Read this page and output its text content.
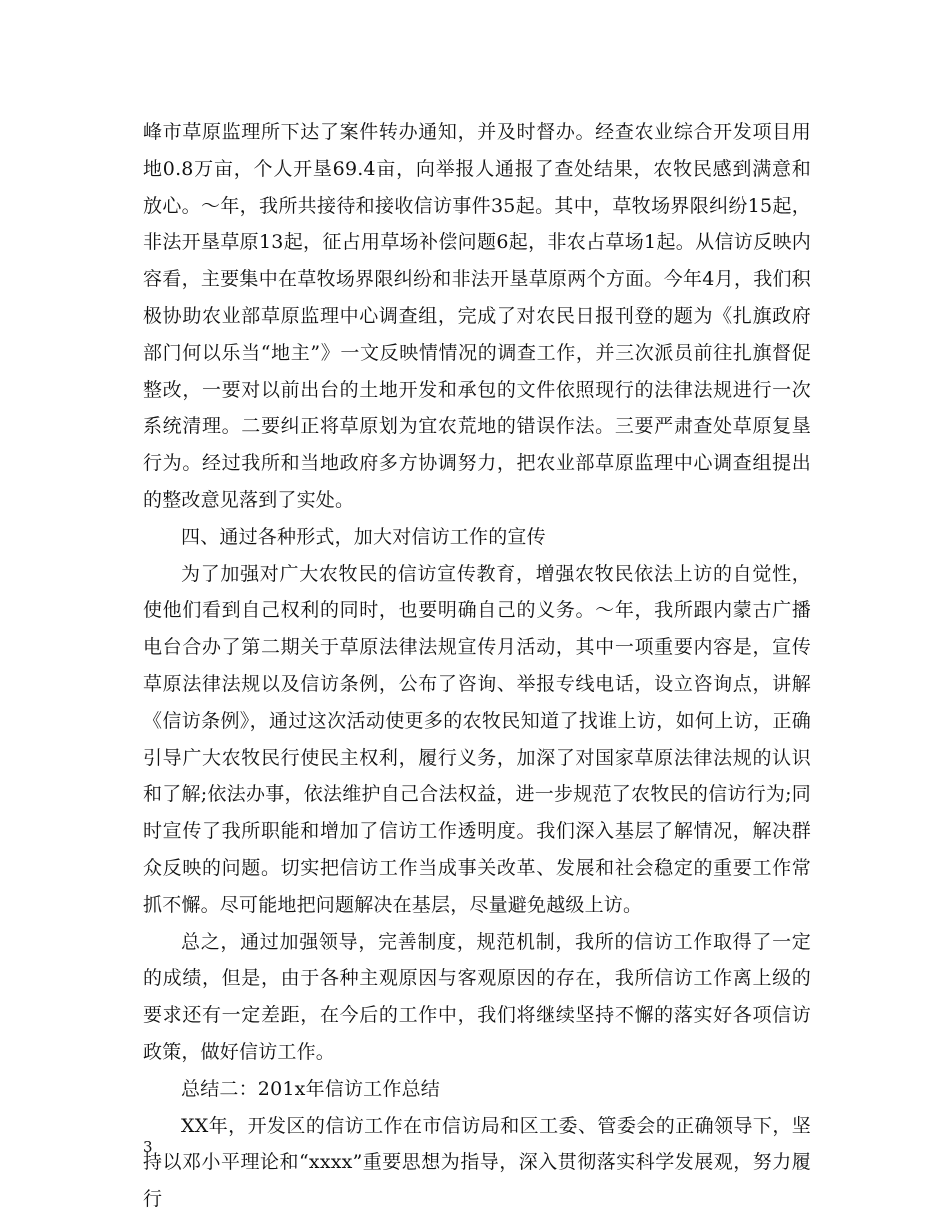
峰市草原监理所下达了案件转办通知，并及时督办。经查农业综合开发项目用地0.8万亩，个人开垦69.4亩，向举报人通报了查处结果，农牧民感到满意和放心。～年，我所共接待和接收信访事件35起。其中，草牧场界限纠纷15起，非法开垦草原13起，征占用草场补偿问题6起，非农占草场1起。从信访反映内容看，主要集中在草牧场界限纠纷和非法开垦草原两个方面。今年4月，我们积极协助农业部草原监理中心调查组，完成了对农民日报刊登的题为《扎旗政府部门何以乐当“地主”》一文反映情情况的调查工作，并三次派员前往扎旗督促整改，一要对以前出台的土地开发和承包的文件依照现行的法律法规进行一次系统清理。二要纠正将草原划为宜农荒地的错误作法。三要严肃查处草原复垦行为。经过我所和当地政府多方协调努力，把农业部草原监理中心调查组提出的整改意见落到了实处。

四、通过各种形式，加大对信访工作的宣传

为了加强对广大农牧民的信访宣传教育，增强农牧民依法上访的自觉性，使他们看到自己权利的同时，也要明确自己的义务。～年，我所跟内蒙古广播电台合办了第二期关于草原法律法规宣传月活动，其中一项重要内容是，宣传草原法律法规以及信访条例，公布了咨询、举报专线电话，设立咨询点，讲解《信访条例》，通过这次活动使更多的农牧民知道了找谁上访，如何上访，正确引导广大农牧民行使民主权利，履行义务，加深了对国家草原法律法规的认识和了解;依法办事，依法维护自己合法权益，进一步规范了农牧民的信访行为;同时宣传了我所职能和增加了信访工作透明度。我们深入基层了解情况，解决群众反映的问题。切实把信访工作当成事关改革、发展和社会稳定的重要工作常抓不懈。尽可能地把问题解决在基层，尽量避免越级上访。

总之，通过加强领导，完善制度，规范机制，我所的信访工作取得了一定的成绩，但是，由于各种主观原因与客观原因的存在，我所信访工作离上级的要求还有一定差距，在今后的工作中，我们将继续坚持不懈的落实好各项信访政策，做好信访工作。

总结二：201x年信访工作总结

XX年，开发区的信访工作在市信访局和区工委、管委会的正确领导下，坚持以邓小平理论和“xxxx”重要思想为指导，深入贯彻落实科学发展观，努力履行

3
